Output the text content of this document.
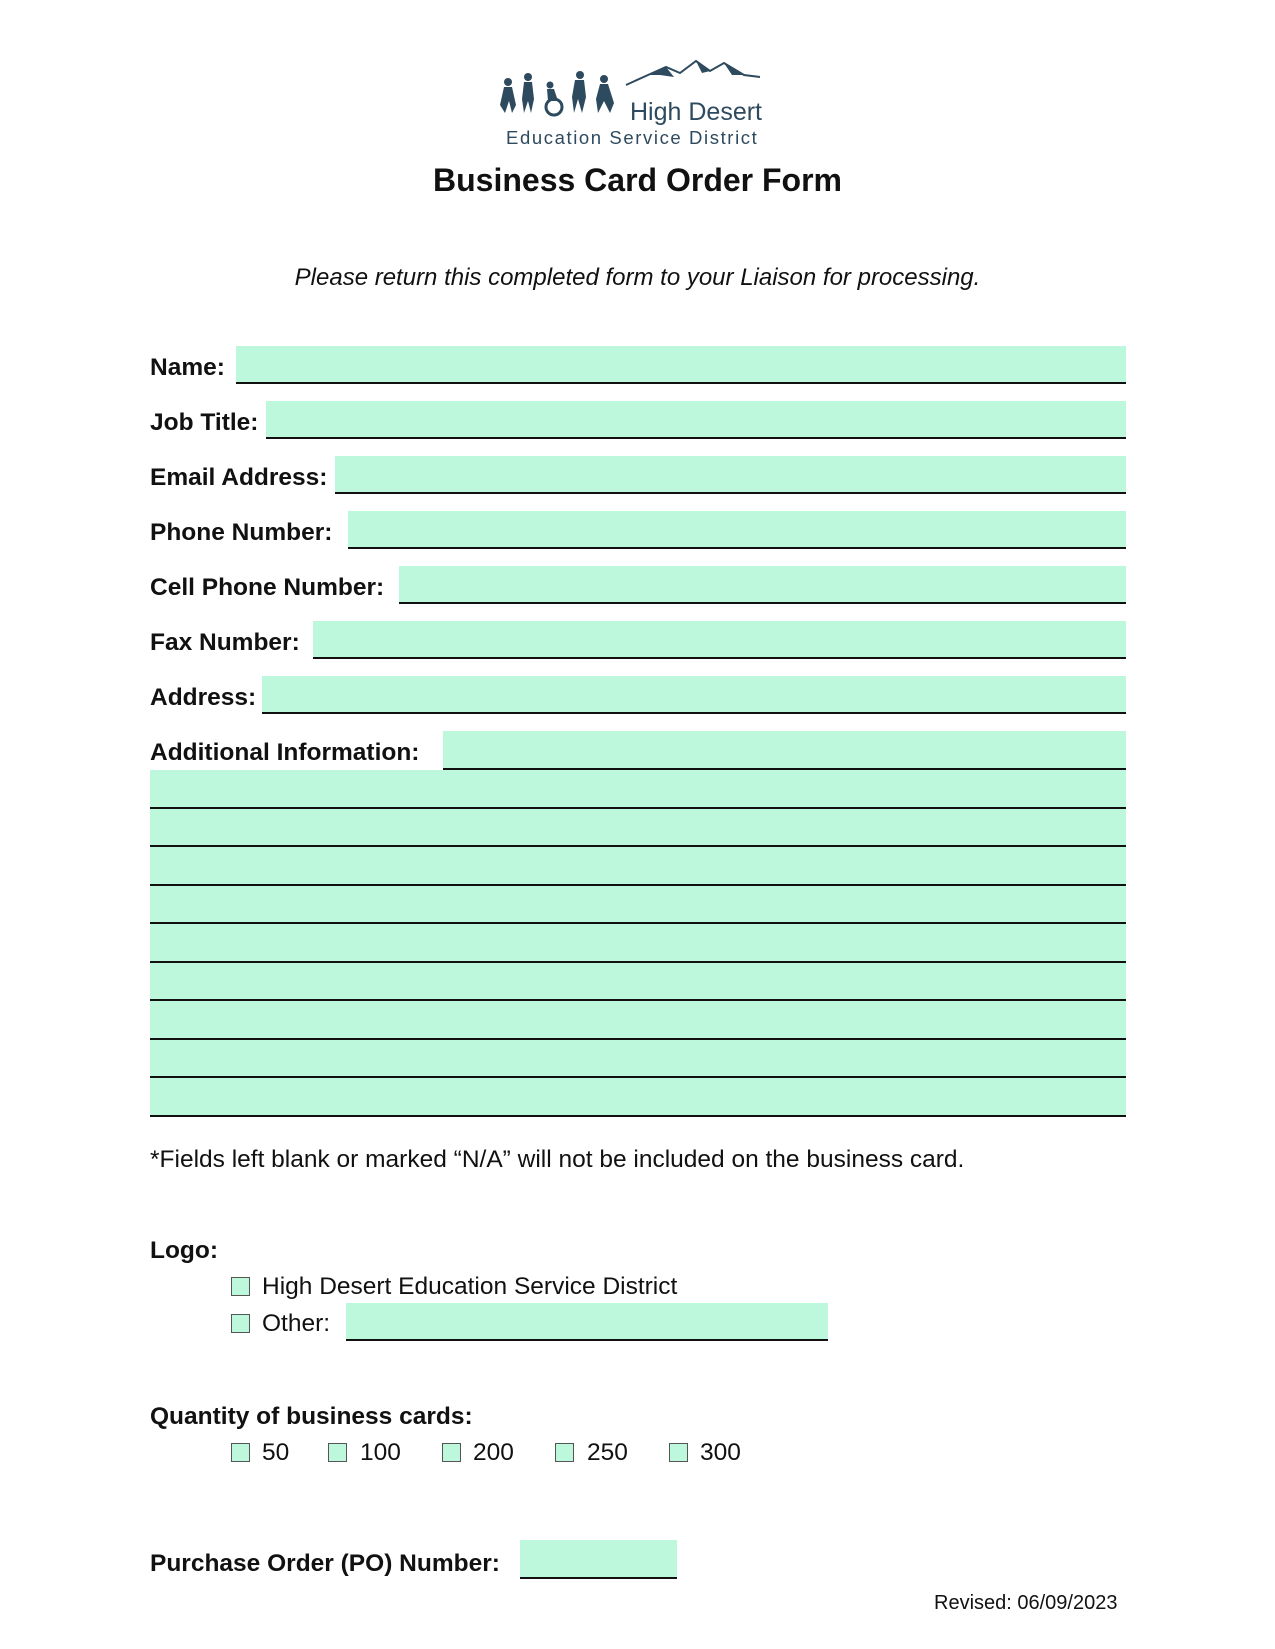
High Desert
Education Service District
Business Card Order Form
Please return this completed form to your Liaison for processing.
Name:
Job Title:
Email Address:
Phone Number:
Cell Phone Number:
Fax Number:
Address:
Additional Information:
*Fields left blank or marked “N/A” will not be included on the business card.
Logo:
High Desert Education Service District
Other:
Quantity of business cards:
50	100	200	250	300
Purchase Order (PO) Number:
Revised: 06/09/2023
